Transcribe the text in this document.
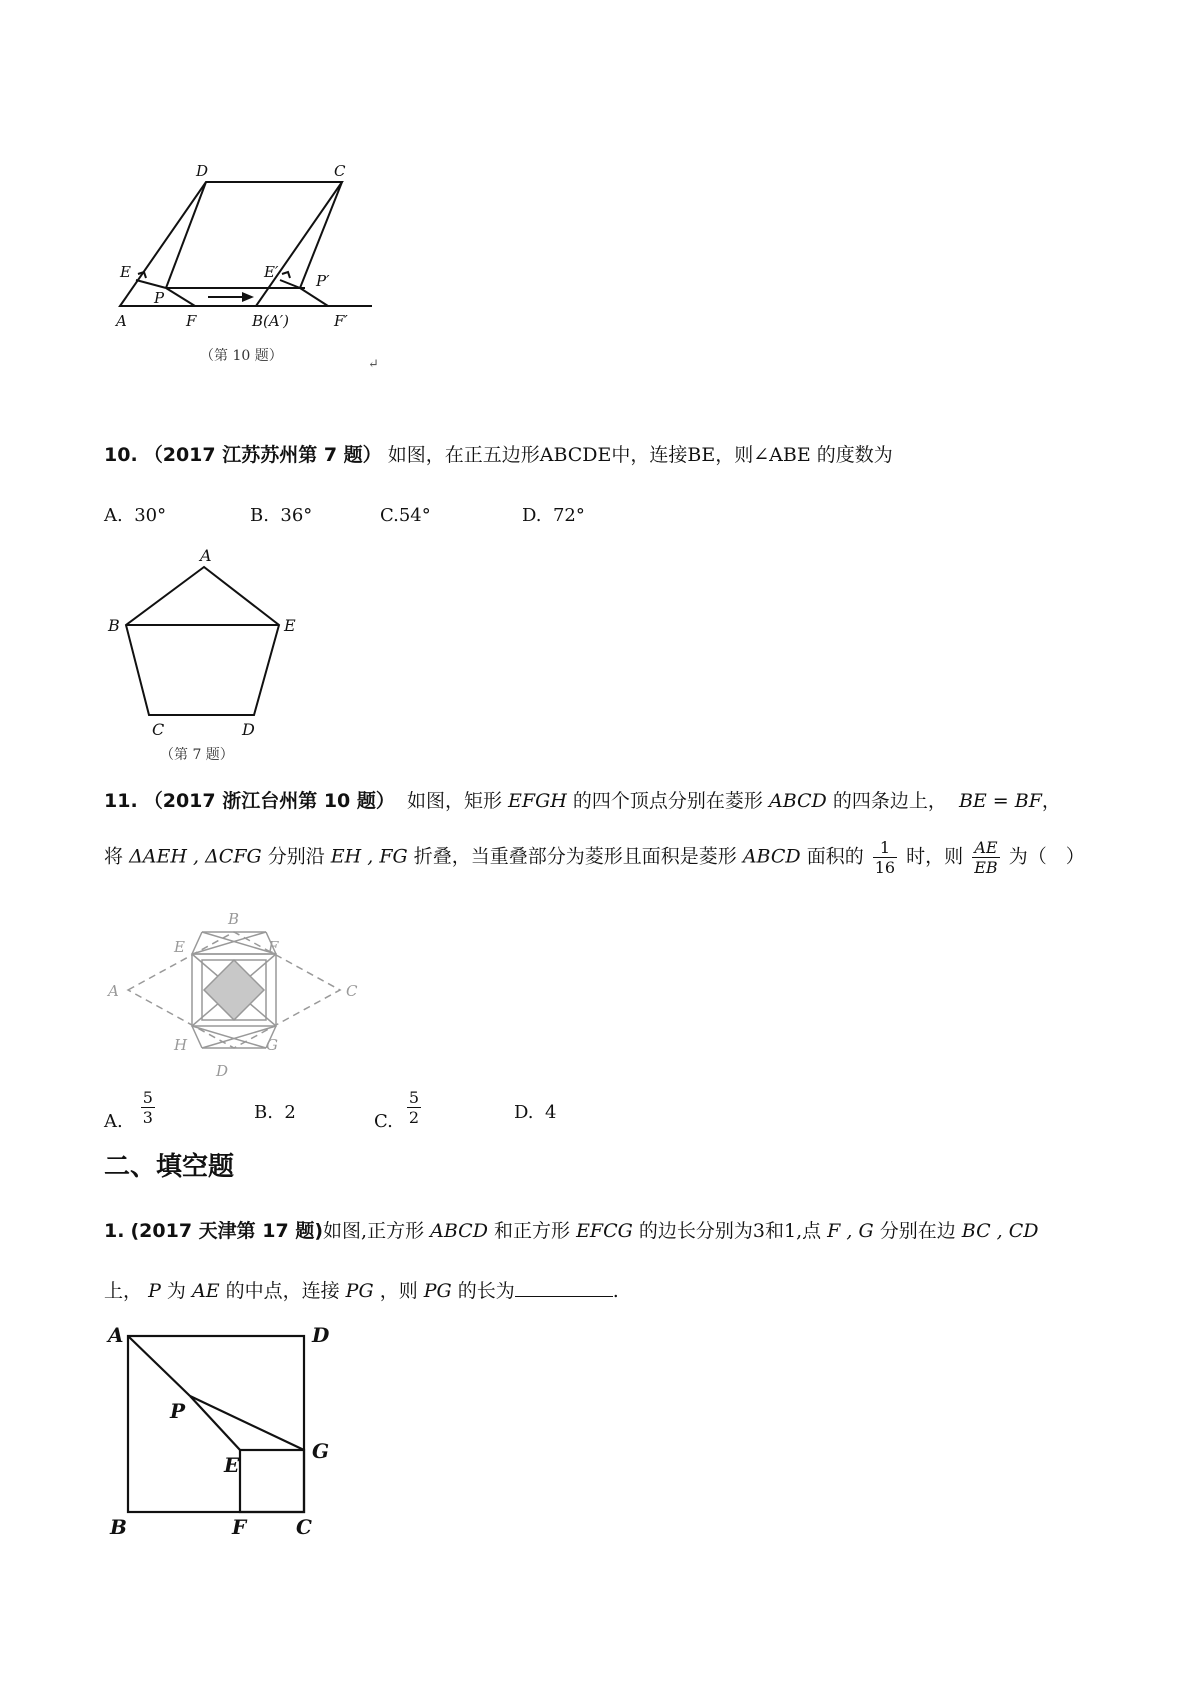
D	C
E	E′
P
P′
A	F	B(A′)	F′
（第 10 题）
↵
10. （2017 江苏苏州第 7 题） 如图，在正五边形ABCDE中，连接BE，则∠ABE 的度数为
A. 30°	B. 36°	C.54°	D. 72°
A
B	E
C	D
（第 7 题）
11. （2017 浙江台州第 10 题） 如图，矩形 EFGH 的四个顶点分别在菱形 ABCD 的四条边上， BE = BF，
将 ΔAEH , ΔCFG 分别沿 EH , FG 折叠，当重叠部分为菱形且面积是菱形 ABCD 面积的 $\frac{1}{16}$ 时，则 $\frac{AE}{EB}$ 为（　）
B
E	F
A	C
H	G
D
A. $\frac{5}{3}$	B. 2	C. $\frac{5}{2}$	D. 4
二、填空题
1. (2017 天津第 17 题)如图,正方形 ABCD 和正方形 EFCG 的边长分别为3和1,点 F , G 分别在边 BC , CD
上， P 为 AE 的中点，连接 PG ，则 PG 的长为	.
A	D
P
E
G
B	F C
